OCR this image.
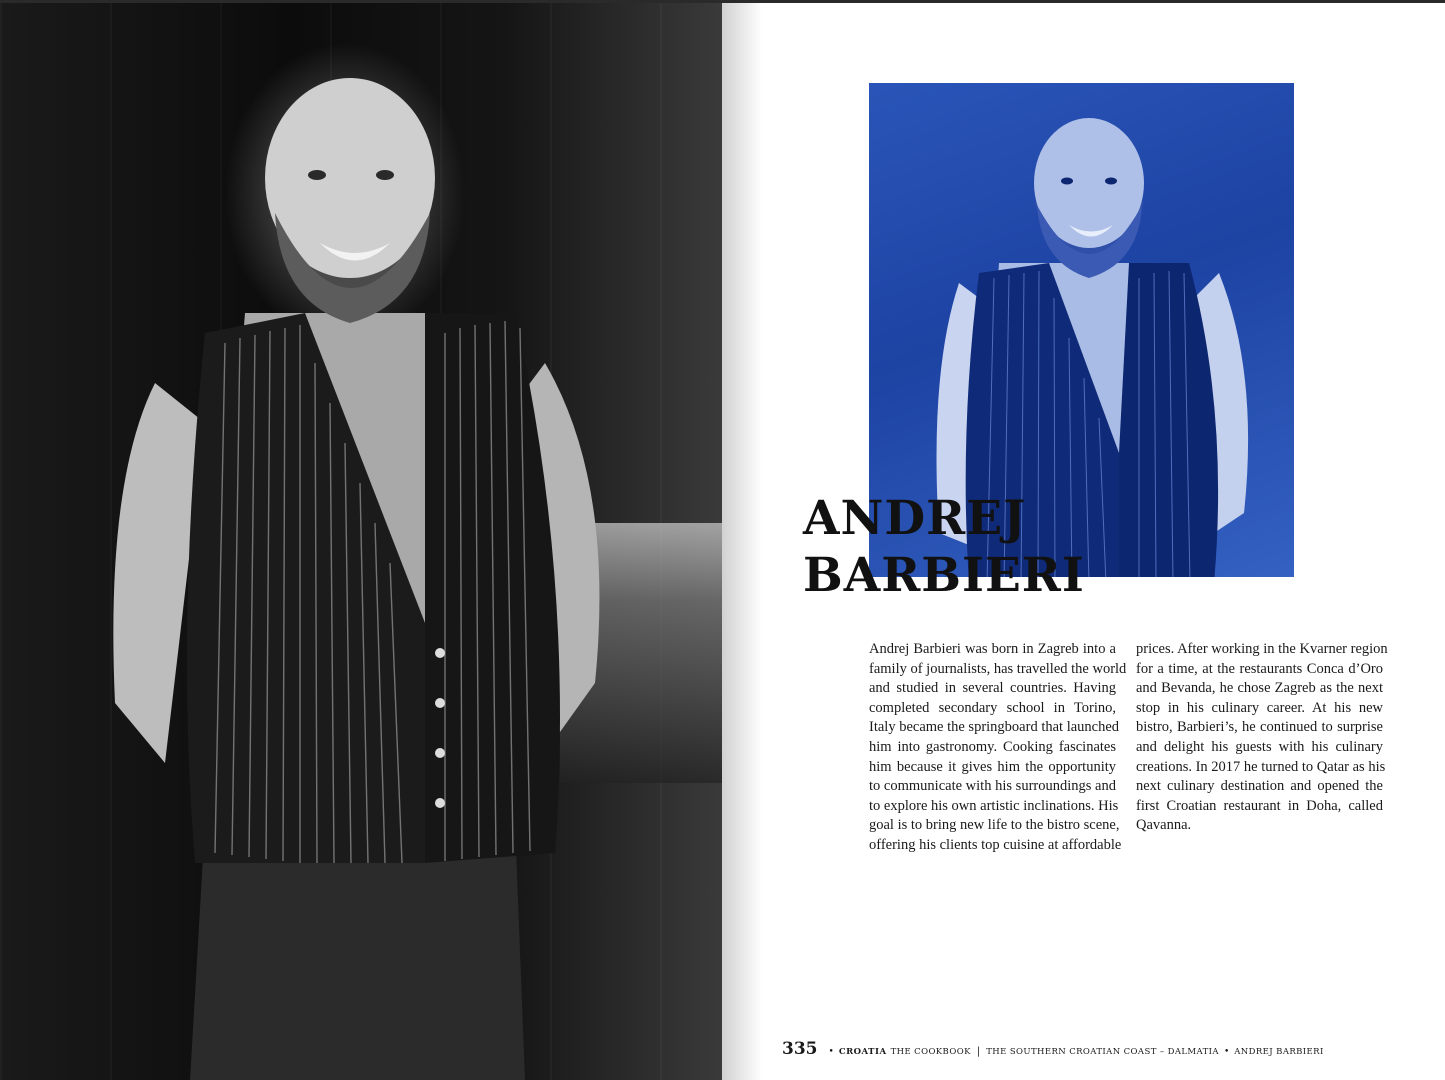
ANDREJ
BARBIERI
Andrej Barbieri was born in Zagreb into a
family of journalists, has travelled the world
and studied in several countries. Having
completed secondary school in Torino,
Italy became the springboard that launched
him into gastronomy. Cooking fascinates
him because it gives him the opportunity
to communicate with his surroundings and
to explore his own artistic inclinations. His
goal is to bring new life to the bistro scene,
offering his clients top cuisine at affordable
prices. After working in the Kvarner region
for a time, at the restaurants Conca d’Oro
and Bevanda, he chose Zagreb as the next
stop in his culinary career. At his new
bistro, Barbieri’s, he continued to surprise
and delight his guests with his culinary
creations. In 2017 he turned to Qatar as his
next culinary destination and opened the
first Croatian restaurant in Doha, called
Qavanna.
335 • CROATIA THE COOKBOOK | THE SOUTHERN CROATIAN COAST – DALMATIA • ANDREJ BARBIERI
